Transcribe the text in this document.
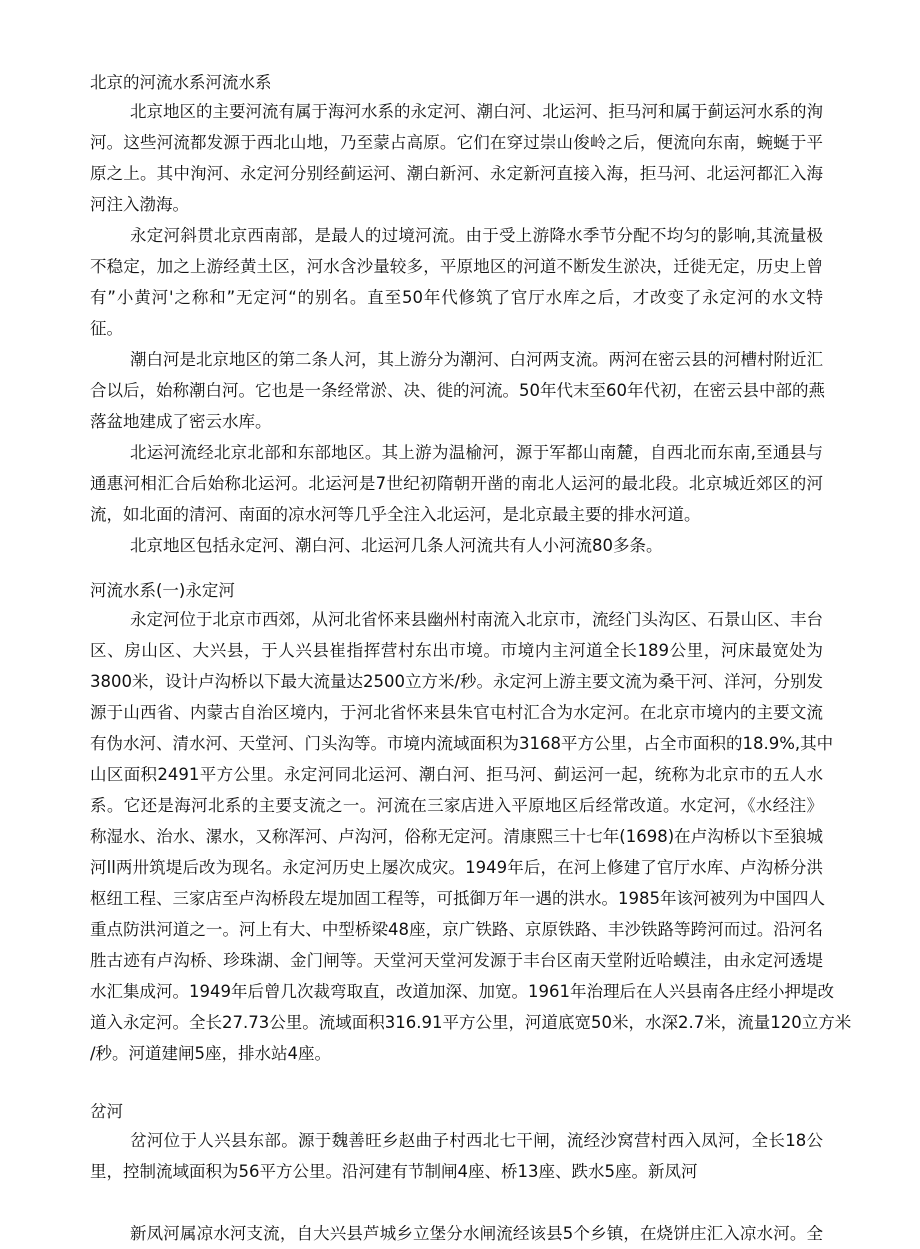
北京的河流水系河流水系
北京地区的主要河流有属于海河水系的永定河、潮白河、北运河、拒马河和属于蓟运河水系的洵
河。这些河流都发源于西北山地，乃至蒙占高原。它们在穿过崇山俊岭之后，便流向东南，蜿蜒于平
原之上。其中洵河、永定河分别经蓟运河、潮白新河、永定新河直接入海，拒马河、北运河都汇入海
河注入渤海。
永定河斜贯北京西南部，是最人的过境河流。由于受上游降水季节分配不均匀的影响,其流量极
不稳定，加之上游经黄土区，河水含沙量较多，平原地区的河道不断发生淤决，迁徙无定，历史上曾
有”小黄河'之称和”无定河“的别名。直至50年代修筑了官厅水库之后，才改变了永定河的水文特
征。
潮白河是北京地区的第二条人河，其上游分为潮河、白河两支流。两河在密云县的河槽村附近汇
合以后，始称潮白河。它也是一条经常淤、决、徙的河流。50年代末至60年代初，在密云县中部的燕
落盆地建成了密云水库。
北运河流经北京北部和东部地区。其上游为温榆河，源于军都山南麓，自西北而东南,至通县与
通惠河相汇合后始称北运河。北运河是7世纪初隋朝开凿的南北人运河的最北段。北京城近郊区的河
流，如北面的清河、南面的凉水河等几乎全注入北运河，是北京最主要的排水河道。
北京地区包括永定河、潮白河、北运河几条人河流共有人小河流80多条。
河流水系(一)永定河
永定河位于北京市西郊，从河北省怀来县幽州村南流入北京市，流经门头沟区、石景山区、丰台
区、房山区、大兴县，于人兴县崔指挥营村东出市境。市境内主河道全长189公里，河床最宽处为
3800米，设计卢沟桥以下最大流量达2500立方米/秒。永定河上游主要文流为桑干河、洋河，分别发
源于山西省、内蒙古自治区境内，于河北省怀来县朱官屯村汇合为水定河。在北京市境内的主要文流
有伪水河、清水河、天堂河、门头沟等。市境内流域面积为3168平方公里，占全市面积的18.9%,其中
山区面积2491平方公里。永定河同北运河、潮白河、拒马河、蓟运河一起，统称为北京市的五人水
系。它还是海河北系的主要支流之一。河流在三家店进入平原地区后经常改道。水定河，《水经注》
称湿水、治水、漯水，又称浑河、卢沟河，俗称无定河。清康熙三十七年(1698)在卢沟桥以卞至狼城
河ll两卅筑堤后改为现名。永定河历史上屡次成灾。1949年后，在河上修建了官厅水库、卢沟桥分洪
枢纽工程、三家店至卢沟桥段左堤加固工程等，可抵御万年一遇的洪水。1985年该河被列为中国四人
重点防洪河道之一。河上有大、中型桥梁48座，京广铁路、京原铁路、丰沙铁路等跨河而过。沿河名
胜古迹有卢沟桥、珍珠湖、金门闸等。天堂河天堂河发源于丰台区南天堂附近哈蟆洼，由永定河透堤
水汇集成河。1949年后曾几次裁弯取直，改道加深、加宽。1961年治理后在人兴县南各庄经小押堤改
道入永定河。全长27.73公里。流域面积316.91平方公里，河道底宽50米，水深2.7米，流量120立方米
/秒。河道建闸5座，排水站4座。
岔河
岔河位于人兴县东部。源于魏善旺乡赵曲子村西北七干闸，流经沙窝营村西入凤河，全长18公
里，控制流域面积为56平方公里。沿河建有节制闸4座、桥13座、跌水5座。新凤河
新凤河属凉水河支流，自大兴县芦城乡立堡分水闸流经该县5个乡镇，在烧饼庄汇入凉水河。全
